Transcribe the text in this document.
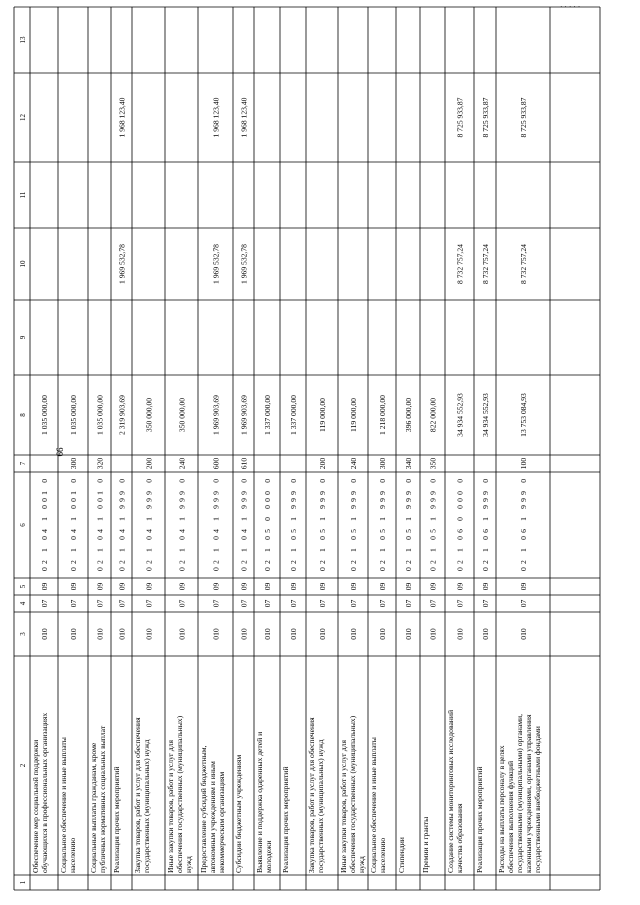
66
· · · · ·
1
2
3
4
5
6
7
8
9
10
11
12
13
Обеспечение мер социальной поддержки обучающихся в профессиональных организациях
010
07
09
02 1 04 1 001 0
1 035 000,00
Социальное обеспечение и иные выплаты населению
010
07
09
02 1 04 1 001 0
300
1 035 000,00
Социальные выплаты гражданам, кроме публичных нормативных социальных выплат
010
07
09
02 1 04 1 001 0
320
1 035 000,00
Реализация прочих мероприятий
010
07
09
02 1 04 1 999 0
2 319 903,69
1 969 532,78
1 968 123,40
Закупка товаров, работ и услуг для обеспечения государственных (муниципальных) нужд
010
07
09
02 1 04 1 999 0
200
350 000,00
Иные закупки товаров, работ и услуг для обеспечения государственных (муниципальных) нужд
010
07
09
02 1 04 1 999 0
240
350 000,00
Предоставление субсидий бюджетным, автономным учреждениям и иным некоммерческим организациям
010
07
09
02 1 04 1 999 0
600
1 969 903,69
1 969 532,78
1 968 123,40
Субсидии бюджетным учреждениям
010
07
09
02 1 04 1 999 0
610
1 969 903,69
1 969 532,78
1 968 123,40
Выявление и поддержка одаренных детей и молодежи
010
07
09
02 1 05 0 000 0
1 337 000,00
Реализация прочих мероприятий
010
07
09
02 1 05 1 999 0
1 337 000,00
Закупка товаров, работ и услуг для обеспечения государственных (муниципальных) нужд
010
07
09
02 1 05 1 999 0
200
119 000,00
Иные закупки товаров, работ и услуг для обеспечения государственных (муниципальных) нужд
010
07
09
02 1 05 1 999 0
240
119 000,00
Социальное обеспечение и иные выплаты населению
010
07
09
02 1 05 1 999 0
300
1 218 000,00
Стипендии
010
07
09
02 1 05 1 999 0
340
396 000,00
Премии и гранты
010
07
09
02 1 05 1 999 0
350
822 000,00
Создание системы мониторинговых исследований качества образования
010
07
09
02 1 06 0 000 0
34 934 552,93
8 732 757,24
8 725 933,87
Реализация прочих мероприятий
010
07
09
02 1 06 1 999 0
34 934 552,93
8 732 757,24
8 725 933,87
Расходы на выплаты персоналу в целях обеспечения выполнения функций государственными (муниципальными) органами, казенными учреждениями, органами управления государственными внебюджетными фондами
010
07
09
02 1 06 1 999 0
100
13 753 084,93
8 732 757,24
8 725 933,87
